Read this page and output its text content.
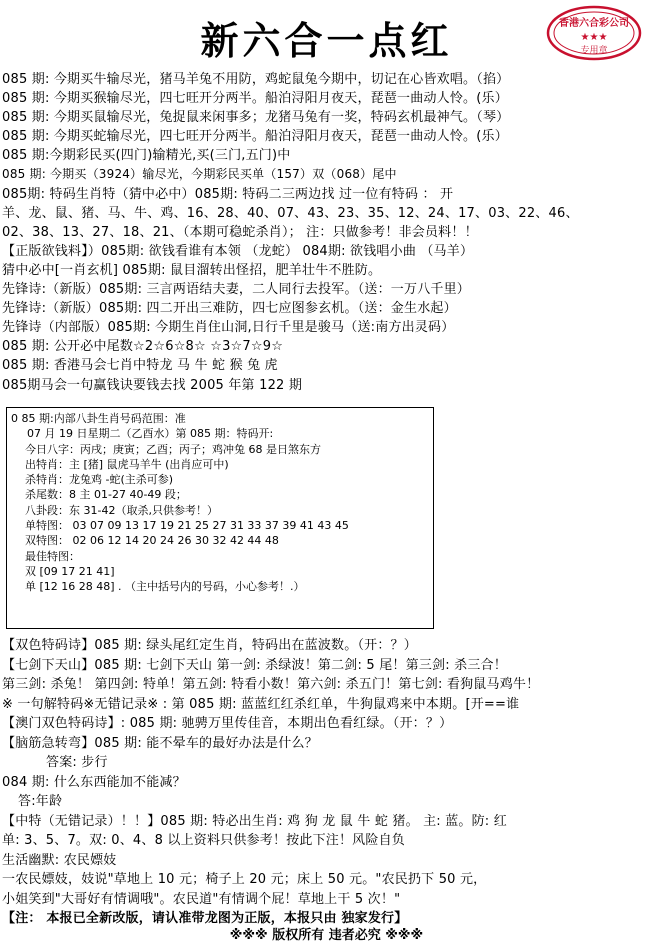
新六合一点红	香港六合彩公司
★★★
专用章
085 期: 今期买牛输尽光，猪马羊兔不用防，鸡蛇鼠兔今期中，切记在心皆欢唱。（掐）
085 期: 今期买猴输尽光，四七旺开分两半。船泊浔阳月夜天，琵琶一曲动人怜。(乐）
085 期: 今期买鼠输尽光，兔捉鼠来闲事多；龙猪马兔有一奖，特码玄机最神气。（琴）
085 期: 今期买蛇输尽光，四七旺开分两半。船泊浔阳月夜天，琵琶一曲动人怜。(乐）
085 期:今期彩民买(四门)输精光,买(三门,五门)中
085 期: 今期买（3924）输尽光，今期彩民买单（157）双（068）尾中
085期: 特码生肖特（猜中必中）085期: 特码二三两边找 过一位有特码 ： 开
羊、龙、鼠、猪、马、牛、鸡、16、28、40、07、43、23、35、12、24、17、03、22、46、
02、38、13、27、18、21、（本期可稳蛇杀肖）； 注：只做参考！非会员料！！
【正版欲钱料】）085期: 欲钱看谁有本领 （龙蛇） 084期: 欲钱唱小曲 （马羊）
猜中必中[一肖玄机] 085期: 鼠目溜转出怪招，肥羊壮牛不胜防。
先锋诗:（新版）085期: 三言两语结夫妻，二人同行去投军。（送：一万八千里）
先锋诗:（新版）085期: 四二开出三难防，四七应图参玄机。（送：金生水起）
先锋诗（内部版）085期: 今期生肖住山洞,日行千里是骏马（送:南方出灵码）
085 期: 公开必中尾数☆2☆6☆8☆ ☆3☆7☆9☆
085 期: 香港马会七肖中特龙 马 牛 蛇 猴 兔 虎
085期马会一句赢钱诀要钱去找 2005 年第 122 期
0 85 期:内部八卦生肖号码范围：准
07 月 19 日星期二（乙酉水）第 085 期：特码开:
今日八字：丙戌；庚寅；乙酉；丙子；鸡冲兔 68 是日煞东方
出特肖：主 [猪] 鼠虎马羊牛 (出肖应可中)
杀特肖：龙兔鸡 -蛇(主杀可参)
杀尾数：8 主 01-27 40-49 段；
八卦段：东 31-42（取杀,只供参考！）
单特图： 03 07 09 13 17 19 21 25 27 31 33 37 39 41 43 45
双特图： 02 06 12 14 20 24 26 30 32 42 44 48
最佳特图：
双 [09 17 21 41]
单 [12 16 28 48] . （主中括号内的号码，小心参考！.）
【双色特码诗】085 期: 绿头尾红定生肖，特码出在蓝波数。（开：？）
【七剑下天山】085 期: 七剑下天山 第一剑: 杀绿波！第二剑: 5 尾！第三剑: 杀三合！
第三剑: 杀兔！ 第四剑: 特单！第五剑: 特看小数！第六剑: 杀五门！第七剑: 看狗鼠马鸡牛！
※ 一句解特码※无错记录※ : 第 085 期: 蓝蓝红红杀红单，牛狗鼠鸡来中本期。[开==谁
【澳门双色特码诗】: 085 期: 驰骋万里传佳音，本期出色看红绿。（开：？）
【脑筋急转弯】085 期: 能不晕车的最好办法是什么？
答案: 步行
084 期: 什么东西能加不能减？
答:年龄
【中特（无错记录）！！】085 期: 特必出生肖: 鸡 狗 龙 鼠 牛 蛇 猪。 主: 蓝。防: 红
单: 3、5、7。双: 0、4、8 以上资料只供参考！按此下注！风险自负
生活幽默: 农民嫖妓
一农民嫖妓，妓说"草地上 10 元；椅子上 20 元；床上 50 元。"农民扔下 50 元，
小姐笑到"大哥好有情调哦"。农民道"有情调个屁！草地上干 5 次！"
【注： 本报已全新改版，请认准带龙图为正版，本报只由 独家发行】
※※※ 版权所有 违者必究 ※※※
